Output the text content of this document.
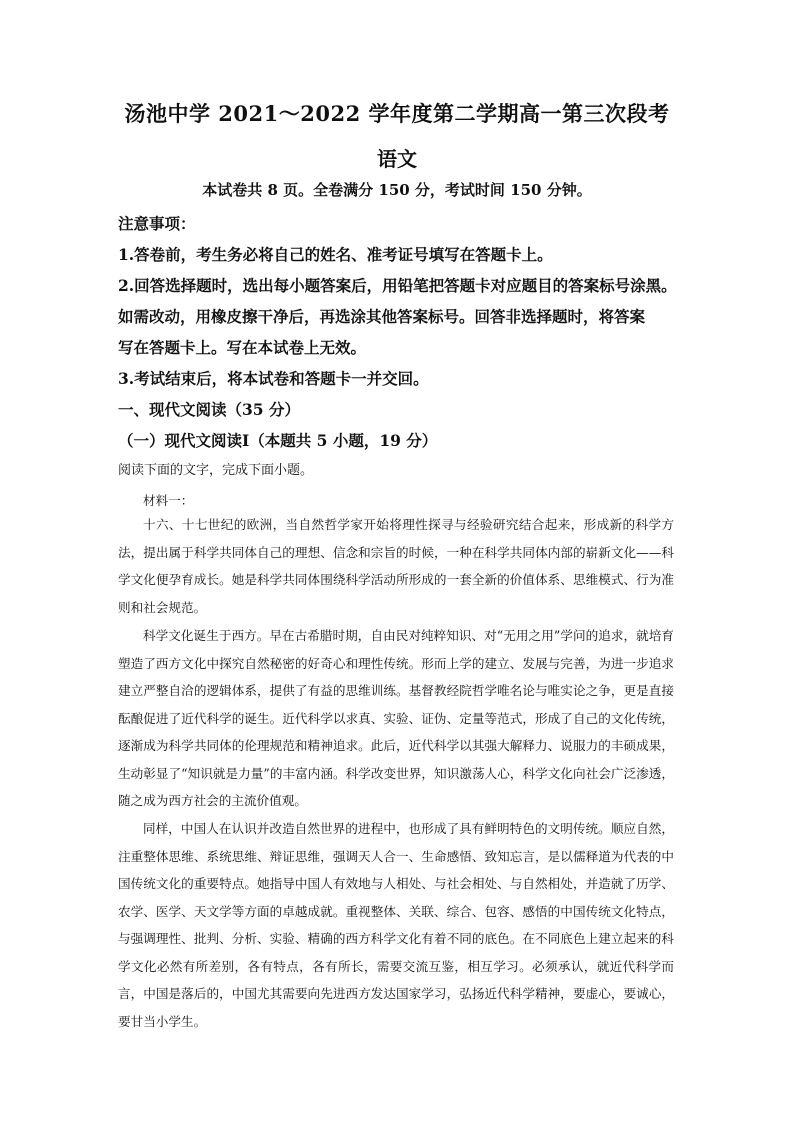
汤池中学 2021～2022 学年度第二学期高一第三次段考
语文
本试卷共 8 页。全卷满分 150 分，考试时间 150 分钟。
注意事项：
1.答卷前，考生务必将自己的姓名、准考证号填写在答题卡上。
2.回答选择题时，选出每小题答案后，用铅笔把答题卡对应题目的答案标号涂黑。
如需改动，用橡皮擦干净后，再选涂其他答案标号。回答非选择题时，将答案
写在答题卡上。写在本试卷上无效。
3.考试结束后，将本试卷和答题卡一并交回。
一、现代文阅读（35 分）
（一）现代文阅读Ⅰ（本题共 5 小题，19 分）
阅读下面的文字，完成下面小题。
材料一：

十六、十七世纪的欧洲，当自然哲学家开始将理性探寻与经验研究结合起来，形成新的科学方法，提出属于科学共同体自己的理想、信念和宗旨的时候，一种在科学共同体内部的崭新文化——科学文化便孕育成长。她是科学共同体围绕科学活动所形成的一套全新的价值体系、思维模式、行为准则和社会规范。

科学文化诞生于西方。早在古希腊时期，自由民对纯粹知识、对“无用之用”学问的追求，就培育塑造了西方文化中探究自然秘密的好奇心和理性传统。形而上学的建立、发展与完善，为进一步追求建立严整自洽的逻辑体系，提供了有益的思维训练。基督教经院哲学唯名论与唯实论之争，更是直接酝酿促进了近代科学的诞生。近代科学以求真、实验、证伪、定量等范式，形成了自己的文化传统，逐渐成为科学共同体的伦理规范和精神追求。此后，近代科学以其强大解释力、说服力的丰硕成果，生动彰显了“知识就是力量”的丰富内涵。科学改变世界，知识激荡人心，科学文化向社会广泛渗透，随之成为西方社会的主流价值观。

同样，中国人在认识并改造自然世界的进程中，也形成了具有鲜明特色的文明传统。顺应自然，注重整体思维、系统思维、辩证思维，强调天人合一、生命感悟、致知忘言，是以儒释道为代表的中国传统文化的重要特点。她指导中国人有效地与人相处、与社会相处、与自然相处，并造就了历学、农学、医学、天文学等方面的卓越成就。重视整体、关联、综合、包容、感悟的中国传统文化特点，与强调理性、批判、分析、实验、精确的西方科学文化有着不同的底色。在不同底色上建立起来的科学文化必然有所差别，各有特点，各有所长，需要交流互鉴，相互学习。必须承认，就近代科学而言，中国是落后的，中国尤其需要向先进西方发达国家学习，弘扬近代科学精神，要虚心，要诚心，要甘当小学生。
